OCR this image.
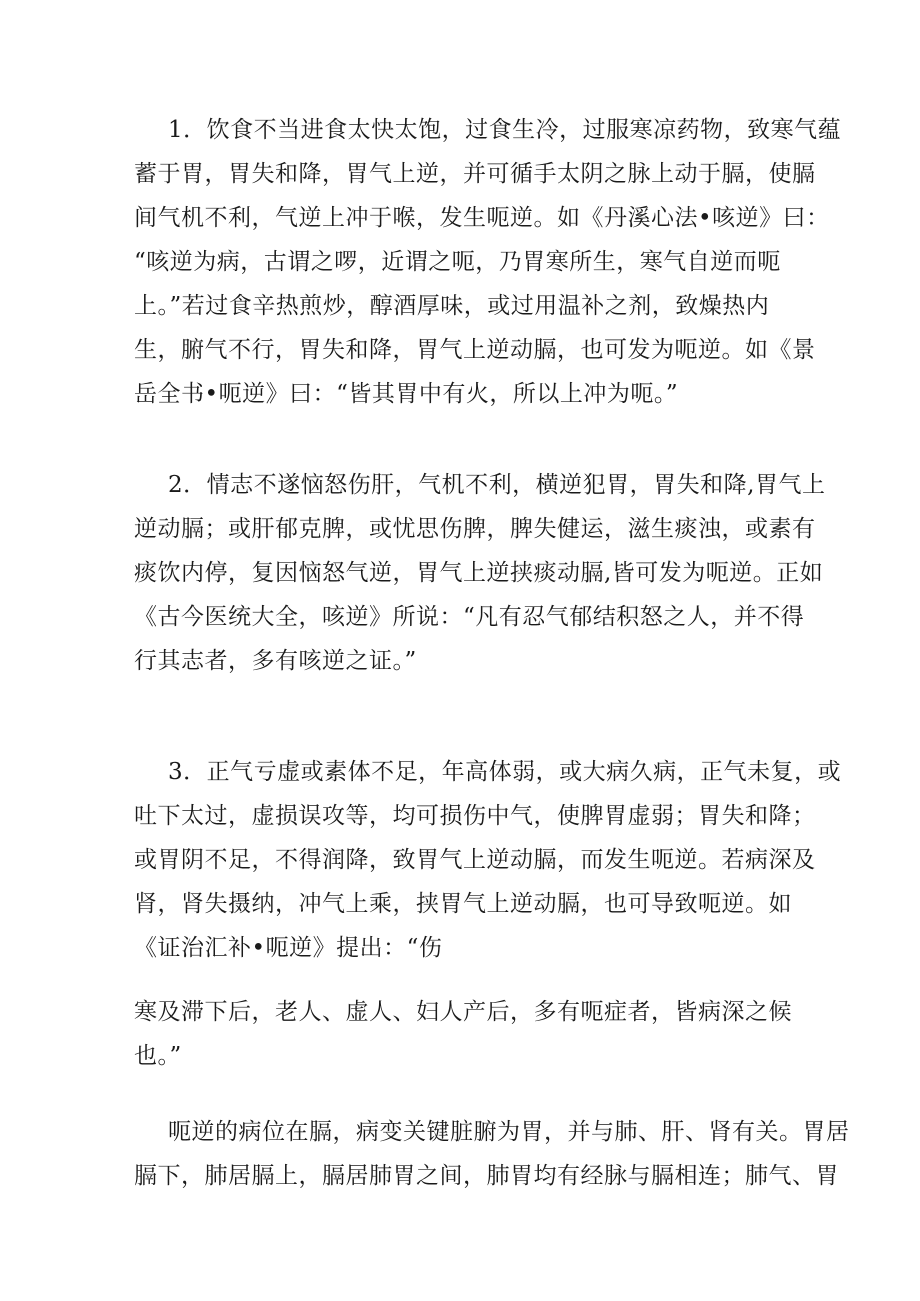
1．饮食不当进食太快太饱，过食生冷，过服寒凉药物，致寒气蕴
蓄于胃，胃失和降，胃气上逆，并可循手太阴之脉上动于膈，使膈
间气机不利，气逆上冲于喉，发生呃逆。如《丹溪心法•咳逆》曰：
“咳逆为病，古谓之啰，近谓之呃，乃胃寒所生，寒气自逆而呃
上。”若过食辛热煎炒，醇酒厚味，或过用温补之剂，致燥热内
生，腑气不行，胃失和降，胃气上逆动膈，也可发为呃逆。如《景
岳全书•呃逆》曰：“皆其胃中有火，所以上冲为呃。”
2．情志不遂恼怒伤肝，气机不利，横逆犯胃，胃失和降,胃气上
逆动膈；或肝郁克脾，或忧思伤脾，脾失健运，滋生痰浊，或素有
痰饮内停，复因恼怒气逆，胃气上逆挟痰动膈,皆可发为呃逆。正如
《古今医统大全，咳逆》所说：“凡有忍气郁结积怒之人，并不得
行其志者，多有咳逆之证。”
3．正气亏虚或素体不足，年高体弱，或大病久病，正气未复，或
吐下太过，虚损误攻等，均可损伤中气，使脾胃虚弱；胃失和降；
或胃阴不足，不得润降，致胃气上逆动膈，而发生呃逆。若病深及
肾，肾失摄纳，冲气上乘，挟胃气上逆动膈，也可导致呃逆。如
《证治汇补•呃逆》提出：“伤
寒及滞下后，老人、虚人、妇人产后，多有呃症者，皆病深之候
也。”
呃逆的病位在膈，病变关键脏腑为胃，并与肺、肝、肾有关。胃居
膈下，肺居膈上，膈居肺胃之间，肺胃均有经脉与膈相连；肺气、胃
